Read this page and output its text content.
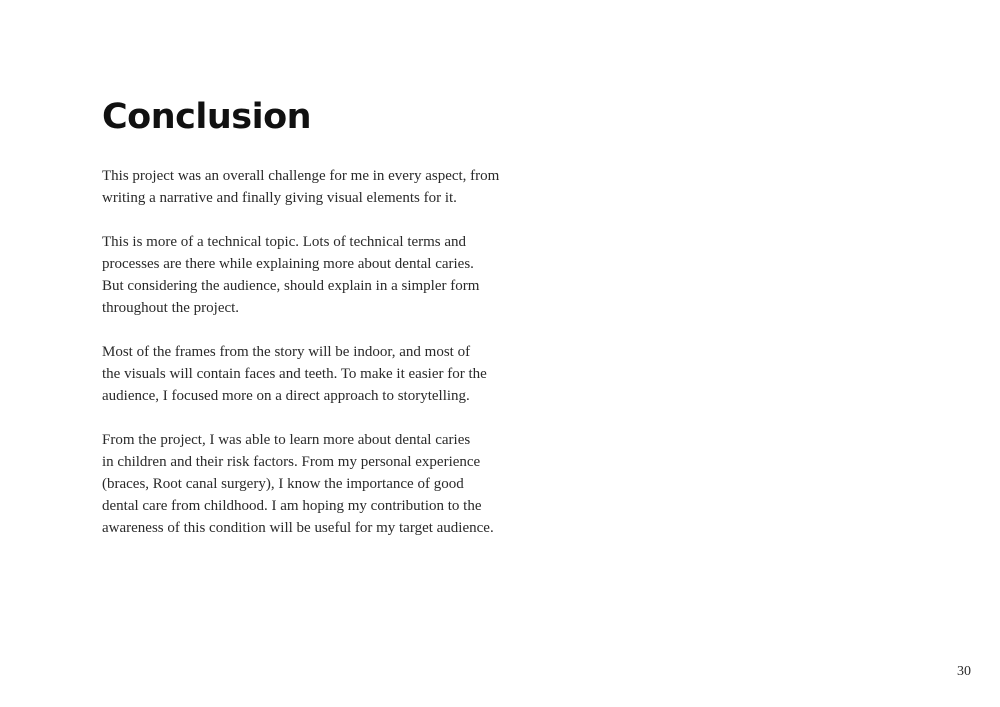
Conclusion

This project was an overall challenge for me in every aspect, from
writing a narrative and finally giving visual elements for it.

This is more of a technical topic. Lots of technical terms and
processes are there while explaining more about dental caries.
But considering the audience, should explain in a simpler form
throughout the project.

Most of the frames from the story will be indoor, and most of
the visuals will contain faces and teeth. To make it easier for the
audience, I focused more on a direct approach to storytelling.

From the project, I was able to learn more about dental caries
in children and their risk factors. From my personal experience
(braces, Root canal surgery), I know the importance of good
dental care from childhood. I am hoping my contribution to the
awareness of this condition will be useful for my target audience.

30
